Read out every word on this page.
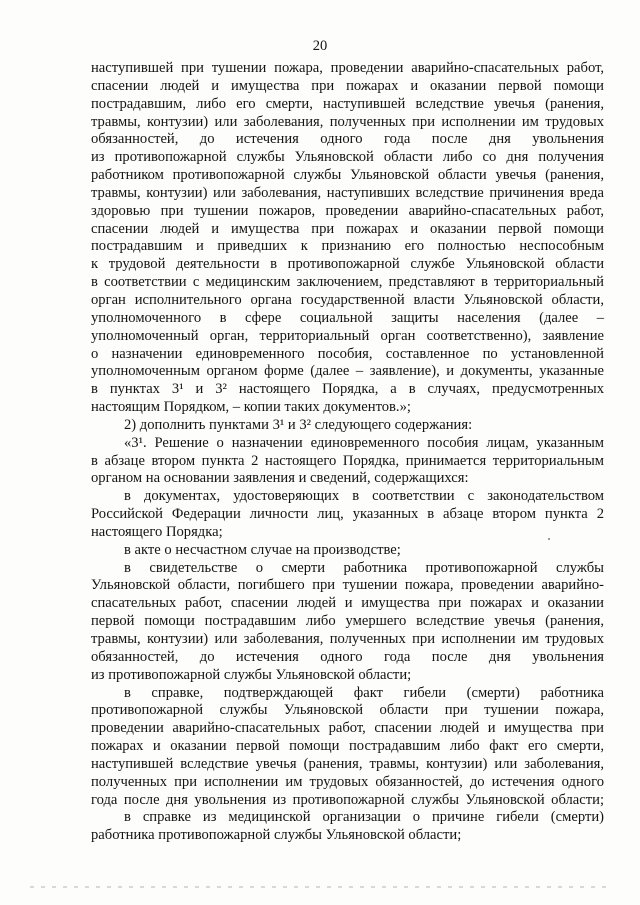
20

наступившей при тушении пожара, проведении аварийно-спасательных работ,

спасении людей и имущества при пожарах и оказании первой помощи

пострадавшим, либо его смерти, наступившей вследствие увечья (ранения,

травмы, контузии) или заболевания, полученных при исполнении им трудовых

обязанностей, до истечения одного года после дня увольнения

из противопожарной службы Ульяновской области либо со дня получения

работником противопожарной службы Ульяновской области увечья (ранения,

травмы, контузии) или заболевания, наступивших вследствие причинения вреда

здоровью при тушении пожаров, проведении аварийно-спасательных работ,

спасении людей и имущества при пожарах и оказании первой помощи

пострадавшим и приведших к признанию его полностью неспособным

к трудовой деятельности в противопожарной службе Ульяновской области

в соответствии с медицинским заключением, представляют в территориальный

орган исполнительного органа государственной власти Ульяновской области,

уполномоченного в сфере социальной защиты населения (далее –

уполномоченный орган, территориальный орган соответственно), заявление

о назначении единовременного пособия, составленное по установленной

уполномоченным органом форме (далее – заявление), и документы, указанные

в пунктах 3¹ и 3² настоящего Порядка, а в случаях, предусмотренных

настоящим Порядком, – копии таких документов.»;

2) дополнить пунктами 3¹ и 3² следующего содержания:

«3¹. Решение о назначении единовременного пособия лицам, указанным

в абзаце втором пункта 2 настоящего Порядка, принимается территориальным

органом на основании заявления и сведений, содержащихся:

в документах, удостоверяющих в соответствии с законодательством

Российской Федерации личности лиц, указанных в абзаце втором пункта 2

настоящего Порядка;

в акте о несчастном случае на производстве;

в свидетельстве о смерти работника противопожарной службы

Ульяновской области, погибшего при тушении пожара, проведении аварийно-

спасательных работ, спасении людей и имущества при пожарах и оказании

первой помощи пострадавшим либо умершего вследствие увечья (ранения,

травмы, контузии) или заболевания, полученных при исполнении им трудовых

обязанностей, до истечения одного года после дня увольнения

из противопожарной службы Ульяновской области;

в справке, подтверждающей факт гибели (смерти) работника

противопожарной службы Ульяновской области при тушении пожара,

проведении аварийно-спасательных работ, спасении людей и имущества при

пожарах и оказании первой помощи пострадавшим либо факт его смерти,

наступившей вследствие увечья (ранения, травмы, контузии) или заболевания,

полученных при исполнении им трудовых обязанностей, до истечения одного

года после дня увольнения из противопожарной службы Ульяновской области;

в справке из медицинской организации о причине гибели (смерти)

работника противопожарной службы Ульяновской области;
